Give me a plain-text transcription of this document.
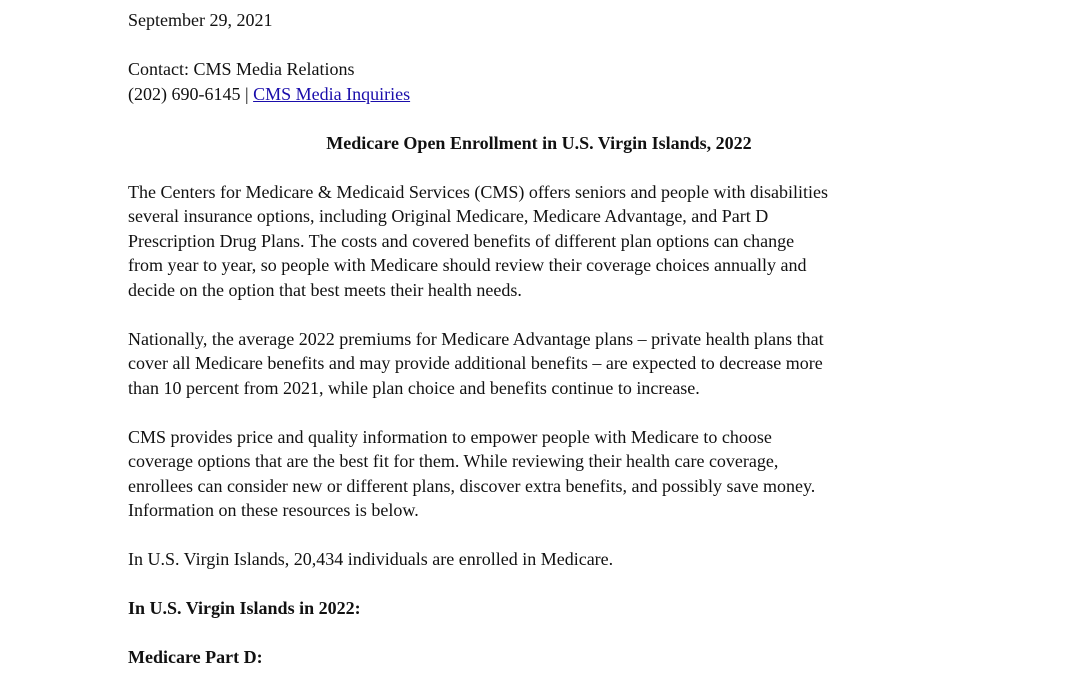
September 29, 2021

Contact: CMS Media Relations

(202) 690-6145 | CMS Media Inquiries

Medicare Open Enrollment in U.S. Virgin Islands, 2022

The Centers for Medicare & Medicaid Services (CMS) offers seniors and people with disabilities
several insurance options, including Original Medicare, Medicare Advantage, and Part D
Prescription Drug Plans. The costs and covered benefits of different plan options can change
from year to year, so people with Medicare should review their coverage choices annually and
decide on the option that best meets their health needs.

Nationally, the average 2022 premiums for Medicare Advantage plans – private health plans that
cover all Medicare benefits and may provide additional benefits – are expected to decrease more
than 10 percent from 2021, while plan choice and benefits continue to increase.

CMS provides price and quality information to empower people with Medicare to choose
coverage options that are the best fit for them. While reviewing their health care coverage,
enrollees can consider new or different plans, discover extra benefits, and possibly save money.
Information on these resources is below.

In U.S. Virgin Islands, 20,434 individuals are enrolled in Medicare.

In U.S. Virgin Islands in 2022:

Medicare Part D:
